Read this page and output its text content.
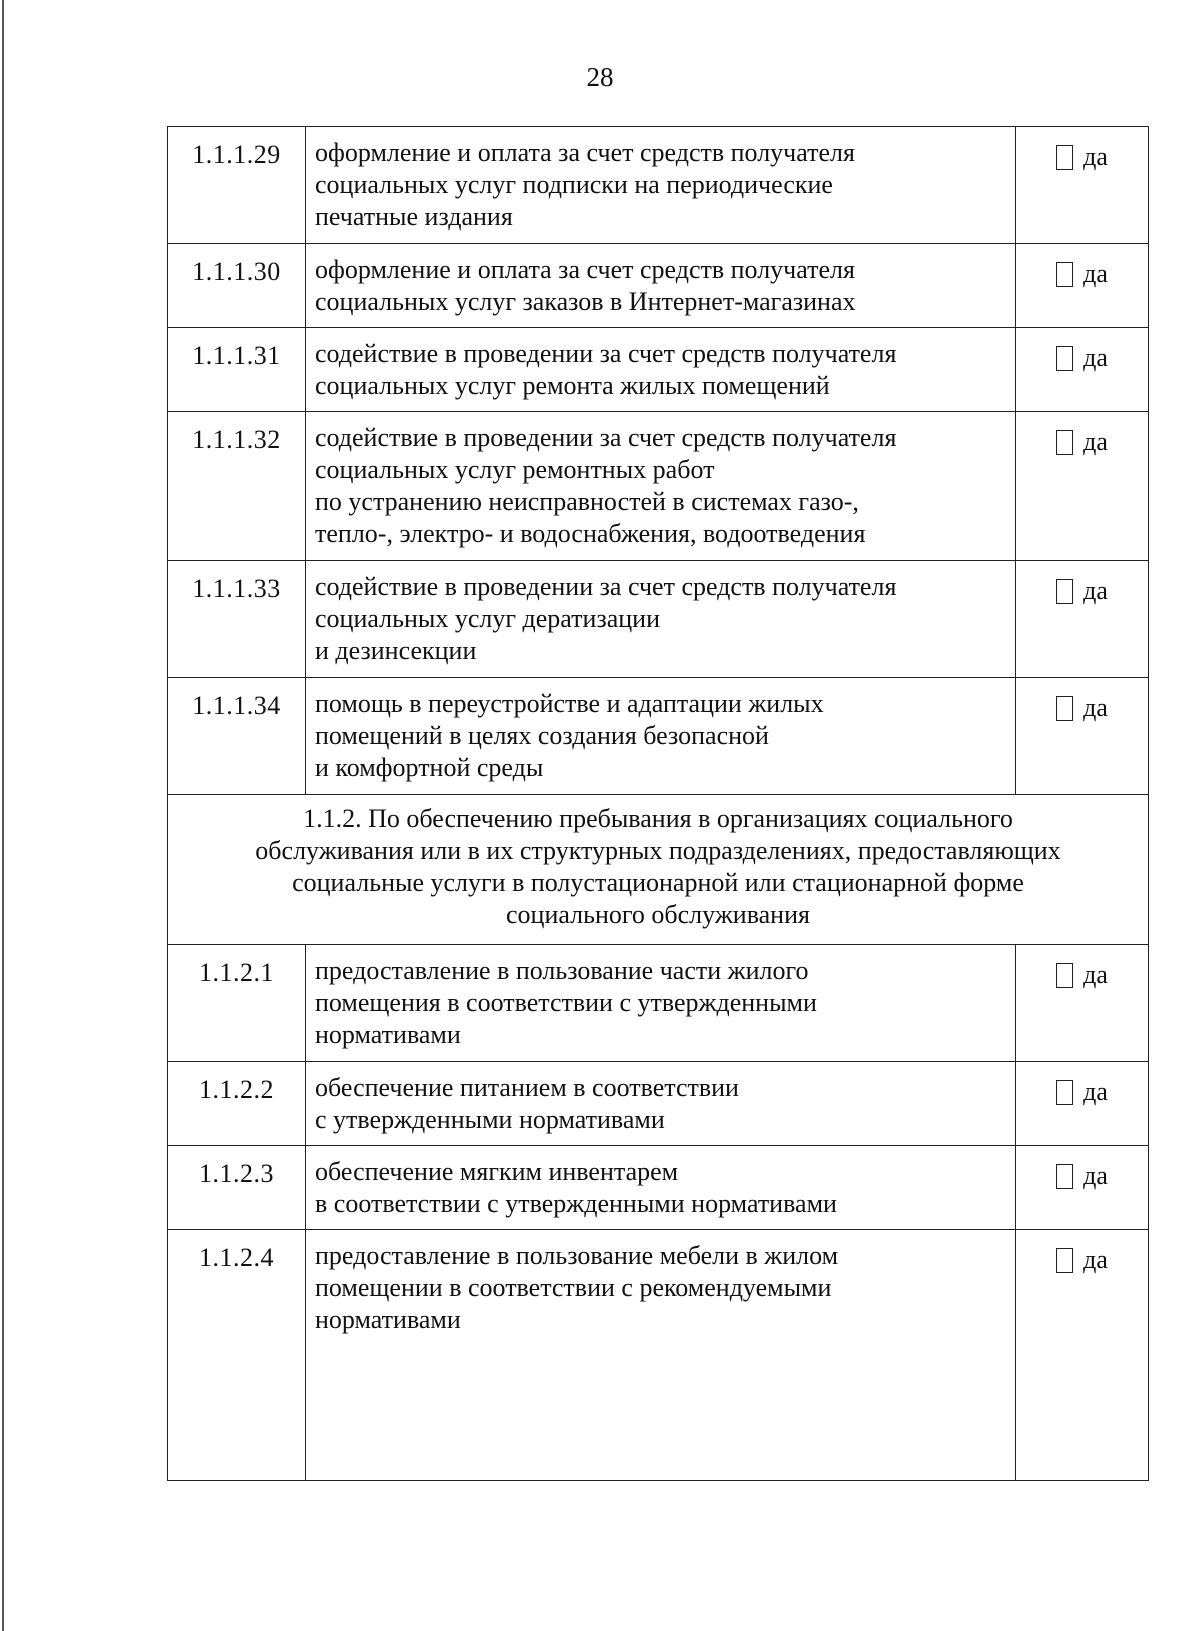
28
1.1.1.29	оформление и оплата за счет средств получателя
социальных услуг подписки на периодические
печатные издания	да

1.1.1.30	оформление и оплата за счет средств получателя
социальных услуг заказов в Интернет-магазинах	да

1.1.1.31	содействие в проведении за счет средств получателя
социальных услуг ремонта жилых помещений	да

1.1.1.32	содействие в проведении за счет средств получателя
социальных услуг ремонтных работ
по устранению неисправностей в системах газо-,
тепло-, электро- и водоснабжения, водоотведения	да

1.1.1.33	содействие в проведении за счет средств получателя
социальных услуг дератизации
и дезинсекции	да

1.1.1.34	помощь в переустройстве и адаптации жилых
помещений в целях создания безопасной
и комфортной среды	да

1.1.2. По обеспечению пребывания в организациях социального
обслуживания или в их структурных подразделениях, предоставляющих
социальные услуги в полустационарной или стационарной форме
социального обслуживания		

1.1.2.1	предоставление в пользование части жилого
помещения в соответствии с утвержденными
нормативами	да

1.1.2.2	обеспечение питанием в соответствии
с утвержденными нормативами	да

1.1.2.3	обеспечение мягким инвентарем
в соответствии с утвержденными нормативами	да

1.1.2.4	предоставление в пользование мебели в жилом
помещении в соответствии с рекомендуемыми
нормативами	да
